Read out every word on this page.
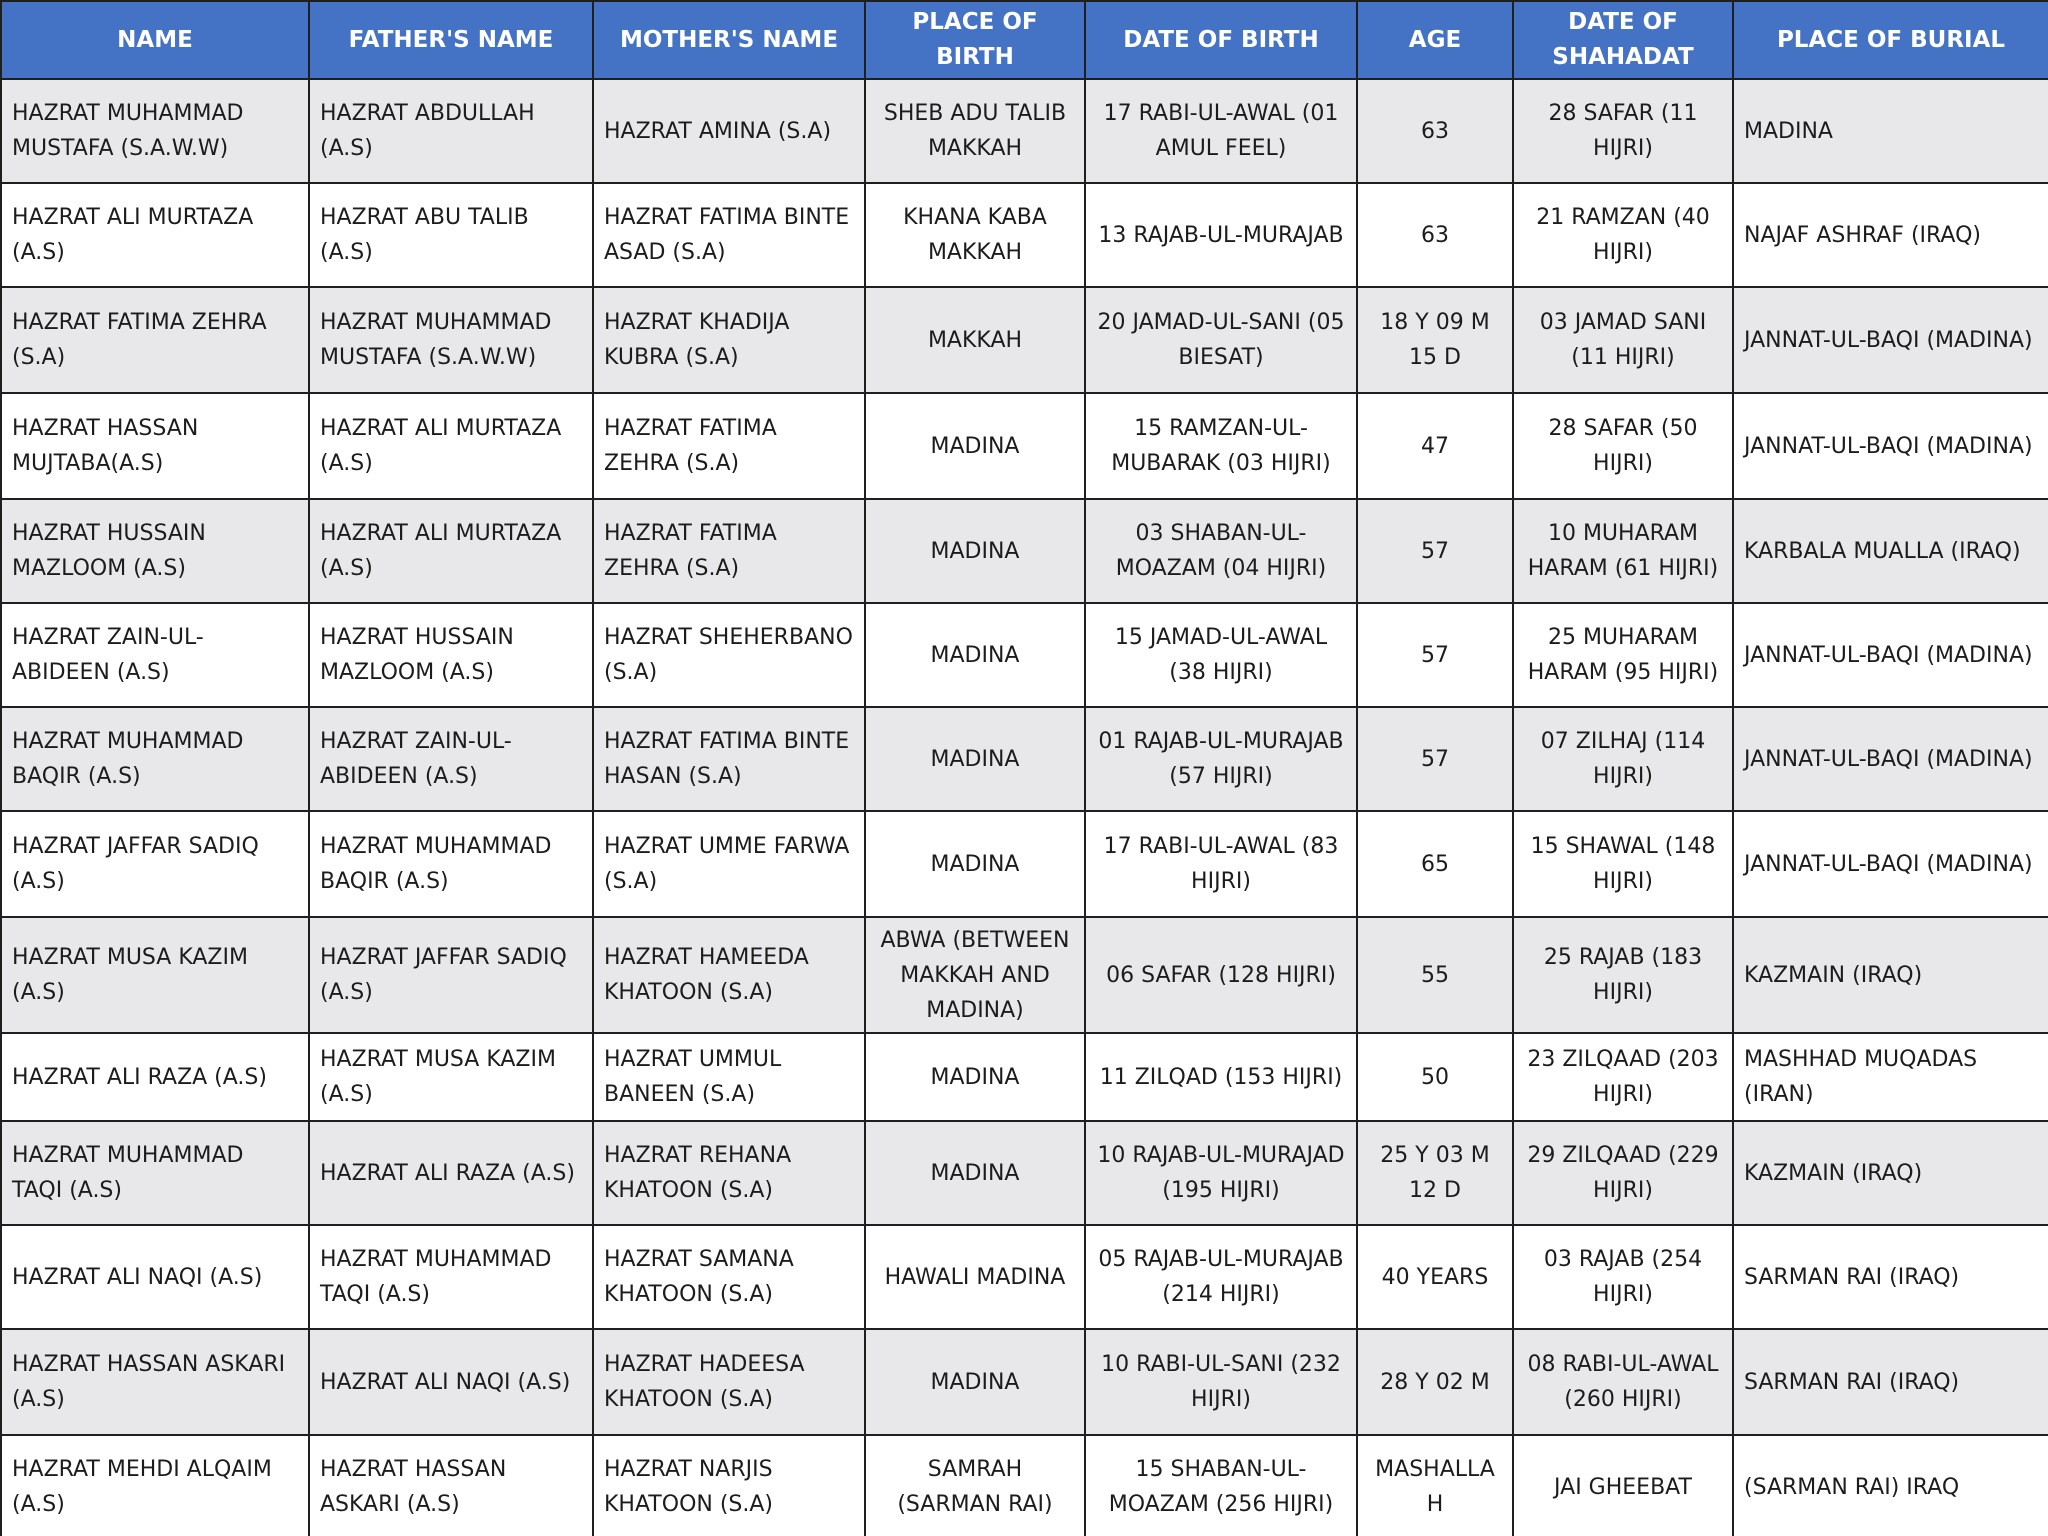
NAME	FATHER'S NAME	MOTHER'S NAME	PLACE OF BIRTH	DATE OF BIRTH	AGE	DATE OF SHAHADAT	PLACE OF BURIAL
HAZRAT MUHAMMAD MUSTAFA (S.A.W.W)	HAZRAT ABDULLAH (A.S)	HAZRAT AMINA (S.A)	SHEB ADU TALIB MAKKAH	17 RABI-UL-AWAL (01 AMUL FEEL)	63	28 SAFAR (11 HIJRI)	MADINA
HAZRAT ALI MURTAZA (A.S)	HAZRAT ABU TALIB (A.S)	HAZRAT FATIMA BINTE ASAD (S.A)	KHANA KABA MAKKAH	13 RAJAB-UL-MURAJAB	63	21 RAMZAN (40 HIJRI)	NAJAF ASHRAF (IRAQ)
HAZRAT FATIMA ZEHRA (S.A)	HAZRAT MUHAMMAD MUSTAFA (S.A.W.W)	HAZRAT KHADIJA KUBRA (S.A)	MAKKAH	20 JAMAD-UL-SANI (05 BIESAT)	18 Y 09 M 15 D	03 JAMAD SANI (11 HIJRI)	JANNAT-UL-BAQI (MADINA)
HAZRAT HASSAN MUJTABA(A.S)	HAZRAT ALI MURTAZA (A.S)	HAZRAT FATIMA ZEHRA (S.A)	MADINA	15 RAMZAN-UL-MUBARAK (03 HIJRI)	47	28 SAFAR (50 HIJRI)	JANNAT-UL-BAQI (MADINA)
HAZRAT HUSSAIN MAZLOOM (A.S)	HAZRAT ALI MURTAZA (A.S)	HAZRAT FATIMA ZEHRA (S.A)	MADINA	03 SHABAN-UL-MOAZAM (04 HIJRI)	57	10 MUHARAM HARAM (61 HIJRI)	KARBALA MUALLA (IRAQ)
HAZRAT ZAIN-UL-ABIDEEN (A.S)	HAZRAT HUSSAIN MAZLOOM (A.S)	HAZRAT SHEHERBANO (S.A)	MADINA	15 JAMAD-UL-AWAL (38 HIJRI)	57	25 MUHARAM HARAM (95 HIJRI)	JANNAT-UL-BAQI (MADINA)
HAZRAT MUHAMMAD BAQIR (A.S)	HAZRAT ZAIN-UL-ABIDEEN (A.S)	HAZRAT FATIMA BINTE HASAN (S.A)	MADINA	01 RAJAB-UL-MURAJAB (57 HIJRI)	57	07 ZILHAJ (114 HIJRI)	JANNAT-UL-BAQI (MADINA)
HAZRAT JAFFAR SADIQ (A.S)	HAZRAT MUHAMMAD BAQIR (A.S)	HAZRAT UMME FARWA (S.A)	MADINA	17 RABI-UL-AWAL (83 HIJRI)	65	15 SHAWAL (148 HIJRI)	JANNAT-UL-BAQI (MADINA)
HAZRAT MUSA KAZIM (A.S)	HAZRAT JAFFAR SADIQ (A.S)	HAZRAT HAMEEDA KHATOON (S.A)	ABWA (BETWEEN MAKKAH AND MADINA)	06 SAFAR (128 HIJRI)	55	25 RAJAB (183 HIJRI)	KAZMAIN (IRAQ)
HAZRAT ALI RAZA (A.S)	HAZRAT MUSA KAZIM (A.S)	HAZRAT UMMUL BANEEN (S.A)	MADINA	11 ZILQAD (153 HIJRI)	50	23 ZILQAAD (203 HIJRI)	MASHHAD MUQADAS (IRAN)
HAZRAT MUHAMMAD TAQI (A.S)	HAZRAT ALI RAZA (A.S)	HAZRAT REHANA KHATOON (S.A)	MADINA	10 RAJAB-UL-MURAJAD (195 HIJRI)	25 Y 03 M 12 D	29 ZILQAAD (229 HIJRI)	KAZMAIN (IRAQ)
HAZRAT ALI NAQI (A.S)	HAZRAT MUHAMMAD TAQI (A.S)	HAZRAT SAMANA KHATOON (S.A)	HAWALI MADINA	05 RAJAB-UL-MURAJAB (214 HIJRI)	40 YEARS	03 RAJAB (254 HIJRI)	SARMAN RAI (IRAQ)
HAZRAT HASSAN ASKARI (A.S)	HAZRAT ALI NAQI (A.S)	HAZRAT HADEESA KHATOON (S.A)	MADINA	10 RABI-UL-SANI (232 HIJRI)	28 Y 02 M	08 RABI-UL-AWAL (260 HIJRI)	SARMAN RAI (IRAQ)
HAZRAT MEHDI ALQAIM (A.S)	HAZRAT HASSAN ASKARI (A.S)	HAZRAT NARJIS KHATOON (S.A)	SAMRAH (SARMAN RAI)	15 SHABAN-UL-MOAZAM (256 HIJRI)	MASHALLAH	JAI GHEEBAT	(SARMAN RAI) IRAQ
